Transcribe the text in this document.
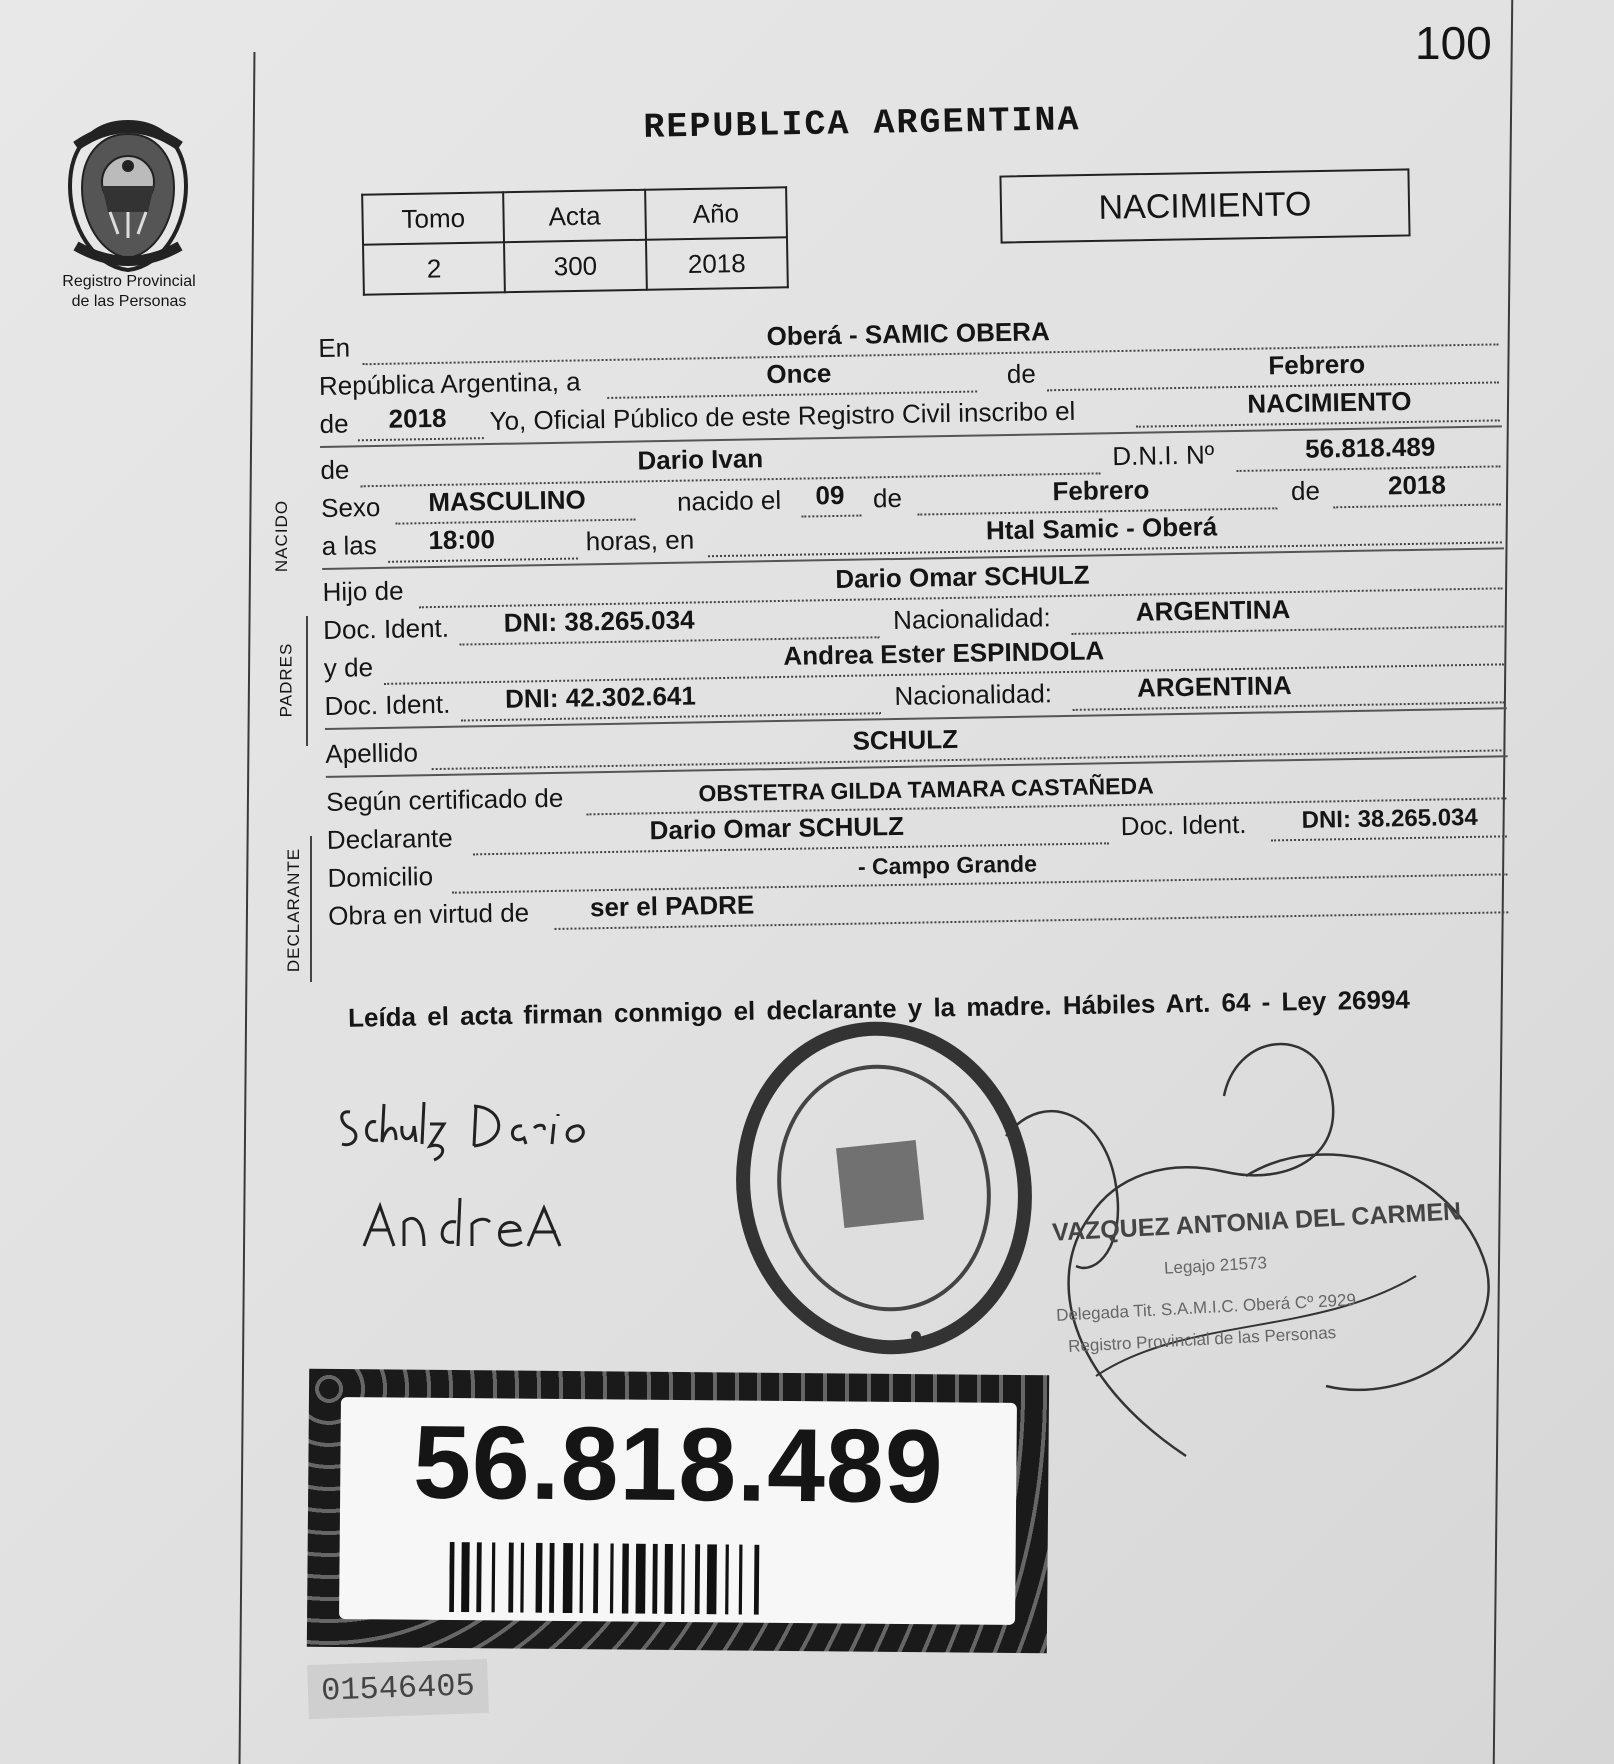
100
Registro Provincial
de las Personas
REPUBLICA ARGENTINA
Tomo	Acta	Año
2	300	2018
NACIMIENTO
NACIDO
PADRES
DECLARANTE
En	Oberá - SAMIC OBERA
República Argentina, a	Once	de	Febrero
de	2018	Yo, Oficial Público de este Registro Civil inscribo el	NACIMIENTO
de	Dario Ivan	D.N.I. Nº	56.818.489
Sexo	MASCULINO	nacido el	09	de	Febrero	de	2018
a las	18:00	horas, en	Htal Samic - Oberá
Hijo de	Dario Omar SCHULZ
Doc. Ident.	DNI: 38.265.034	Nacionalidad:	ARGENTINA
y de	Andrea Ester ESPINDOLA
Doc. Ident.	DNI: 42.302.641	Nacionalidad:	ARGENTINA
Apellido	SCHULZ
Según certificado de	OBSTETRA GILDA TAMARA CASTAÑEDA
Declarante	Dario Omar SCHULZ	Doc. Ident.	DNI: 38.265.034
Domicilio	- Campo Grande
Obra en virtud de	ser el PADRE
Leída el acta firman conmigo el declarante y la madre. Hábiles Art. 64 - Ley 26994
VAZQUEZ ANTONIA DEL CARMEN
Legajo 21573
Delegada Tit. S.A.M.I.C. Oberá Cº 2929
Registro Provincial de las Personas
56.818.489
01546405
